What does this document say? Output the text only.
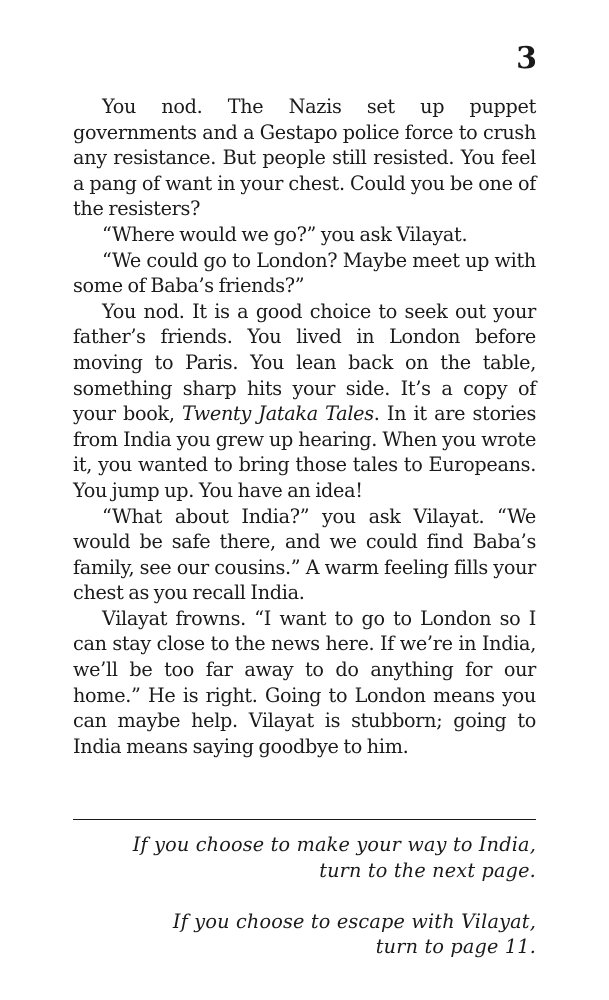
3

You nod. The Nazis set up puppet governments and a Gestapo police force to crush any resistance. But people still resisted. You feel a pang of want in your chest. Could you be one of the resisters?

“Where would we go?” you ask Vilayat.

“We could go to London? Maybe meet up with some of Baba’s friends?”

You nod. It is a good choice to seek out your father’s friends. You lived in London before moving to Paris. You lean back on the table, something sharp hits your side. It’s a copy of your book, Twenty Jataka Tales. In it are stories from India you grew up hearing. When you wrote it, you wanted to bring those tales to Europeans. You jump up. You have an idea!

“What about India?” you ask Vilayat. “We would be safe there, and we could find Baba’s family, see our cousins.” A warm feeling fills your chest as you recall India.

Vilayat frowns. “I want to go to London so I can stay close to the news here. If we’re in India, we’ll be too far away to do anything for our home.” He is right. Going to London means you can maybe help. Vilayat is stubborn; going to India means saying goodbye to him.

If you choose to make your way to India,
turn to the next page.
If you choose to escape with Vilayat,
turn to page 11.
